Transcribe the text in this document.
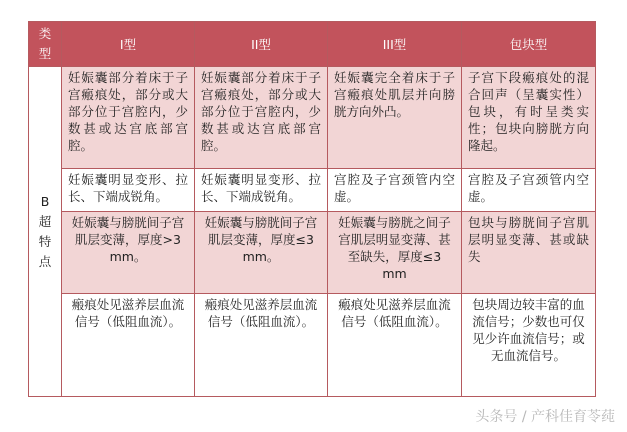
类型	I型	II型	III型	包块型
B超特点	妊娠囊部分着床于子宫瘢痕处，部分或大部分位于宫腔内，少数甚或达宫底部宫腔。	妊娠囊部分着床于子宫瘢痕处，部分或大部分位于宫腔内，少数甚或达宫底部宫腔。	妊娠囊完全着床于子宫瘢痕处肌层并向膀胱方向外凸。	子宫下段瘢痕处的混合回声（呈囊实性）包块，有时呈类实性；包块向膀胱方向隆起。
	妊娠囊明显变形、拉长、下端成锐角。	妊娠囊明显变形、拉长、下端成锐角。	宫腔及子宫颈管内空虚。	宫腔及子宫颈管内空虚。
	妊娠囊与膀胱间子宫肌层变薄，厚度>3 mm。	妊娠囊与膀胱间子宫肌层变薄，厚度≤3 mm。	妊娠囊与膀胱之间子宫肌层明显变薄、甚至缺失，厚度≤3 mm	包块与膀胱间子宫肌层明显变薄、甚或缺失
	瘢痕处见滋养层血流信号（低阻血流）。	瘢痕处见滋养层血流信号（低阻血流）。	瘢痕处见滋养层血流信号（低阻血流）。	包块周边较丰富的血流信号；少数也可仅见少许血流信号；或无血流信号。
头条号 / 产科佳育苓莼
